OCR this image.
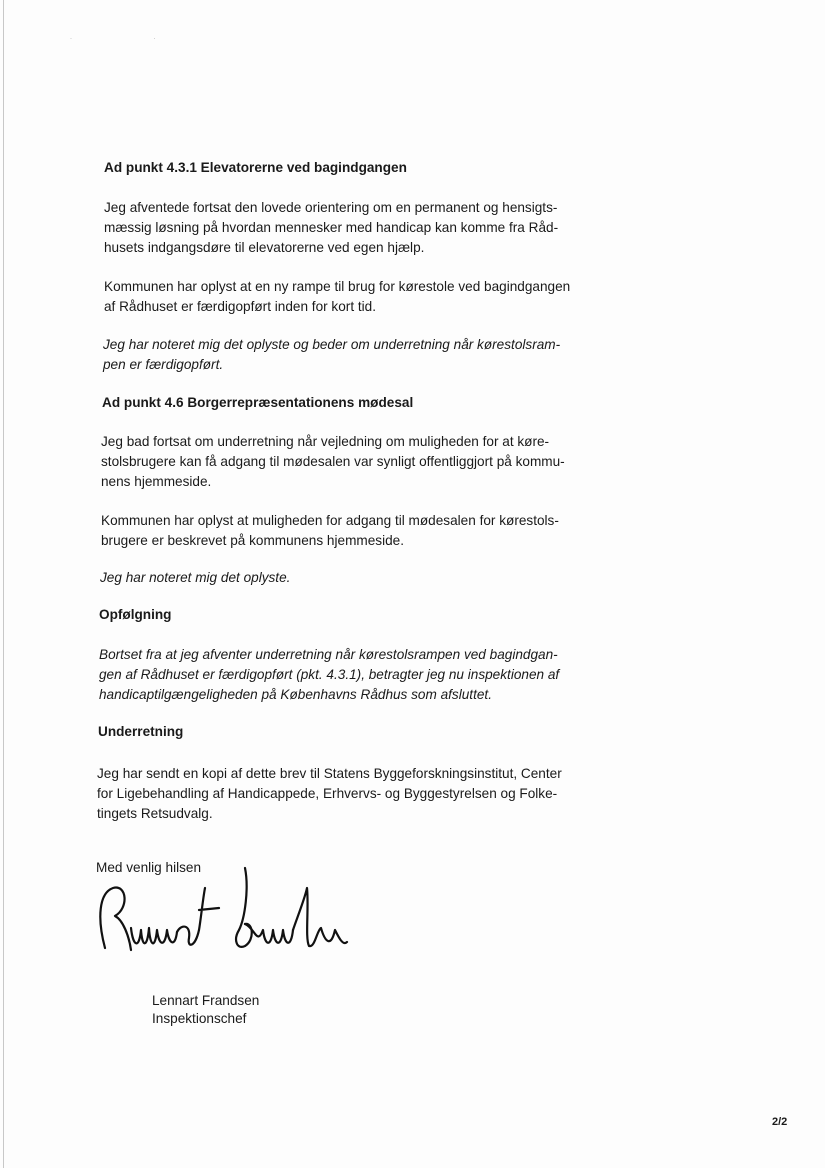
· ·
Ad punkt 4.3.1 Elevatorerne ved bagindgangen

Jeg afventede fortsat den lovede orientering om en permanent og hensigts-
mæssig løsning på hvordan mennesker med handicap kan komme fra Råd-
husets indgangsdøre til elevatorerne ved egen hjælp.

Kommunen har oplyst at en ny rampe til brug for kørestole ved bagindgangen
af Rådhuset er færdigopført inden for kort tid.

Jeg har noteret mig det oplyste og beder om underretning når kørestolsram-
pen er færdigopført.

Ad punkt 4.6 Borgerrepræsentationens mødesal

Jeg bad fortsat om underretning når vejledning om muligheden for at køre-
stolsbrugere kan få adgang til mødesalen var synligt offentliggjort på kommu-
nens hjemmeside.

Kommunen har oplyst at muligheden for adgang til mødesalen for kørestols-
brugere er beskrevet på kommunens hjemmeside.

Jeg har noteret mig det oplyste.

Opfølgning

Bortset fra at jeg afventer underretning når kørestolsrampen ved bagindgan-
gen af Rådhuset er færdigopført (pkt. 4.3.1), betragter jeg nu inspektionen af
handicaptilgængeligheden på Københavns Rådhus som afsluttet.

Underretning

Jeg har sendt en kopi af dette brev til Statens Byggeforskningsinstitut, Center
for Ligebehandling af Handicappede, Erhvervs- og Byggestyrelsen og Folke-
tingets Retsudvalg.

Med venlig hilsen

Lennart Frandsen
Inspektionschef
2/2
